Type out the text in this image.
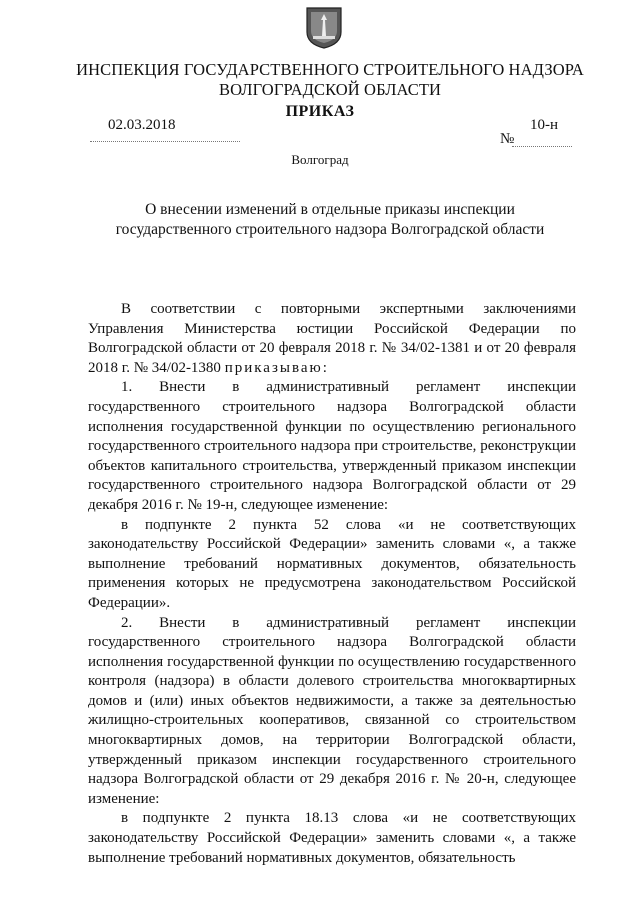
ИНСПЕКЦИЯ ГОСУДАРСТВЕННОГО СТРОИТЕЛЬНОГО НАДЗОРА
ВОЛГОГРАДСКОЙ ОБЛАСТИ
ПРИКАЗ
02.03.2018	10-н
№
Волгоград
О внесении изменений в отдельные приказы инспекции
государственного строительного надзора Волгоградской области

В соответствии с повторными экспертными заключениями Управления Министерства юстиции Российской Федерации по Волгоградской области от 20 февраля 2018 г. № 34/02-1381 и от 20 февраля 2018 г. № 34/02-1380 приказываю:

1. Внести в административный регламент инспекции государственного строительного надзора Волгоградской области исполнения государственной функции по осуществлению регионального государственного строительного надзора при строительстве, реконструкции объектов капитального строительства, утвержденный приказом инспекции государственного строительного надзора Волгоградской области от 29 декабря 2016 г. № 19-н, следующее изменение:

в подпункте 2 пункта 52 слова «и не соответствующих законодательству Российской Федерации» заменить словами «, а также выполнение требований нормативных документов, обязательность применения которых не предусмотрена законодательством Российской Федерации».

2. Внести в административный регламент инспекции государственного строительного надзора Волгоградской области исполнения государственной функции по осуществлению государственного контроля (надзора) в области долевого строительства многоквартирных домов и (или) иных объектов недвижимости, а также за деятельностью жилищно-строительных кооперативов, связанной со строительством многоквартирных домов, на территории Волгоградской области, утвержденный приказом инспекции государственного строительного надзора Волгоградской области от 29 декабря 2016 г. № 20-н, следующее изменение:

в подпункте 2 пункта 18.13 слова «и не соответствующих законодательству Российской Федерации» заменить словами «, а также выполнение требований нормативных документов, обязательность
